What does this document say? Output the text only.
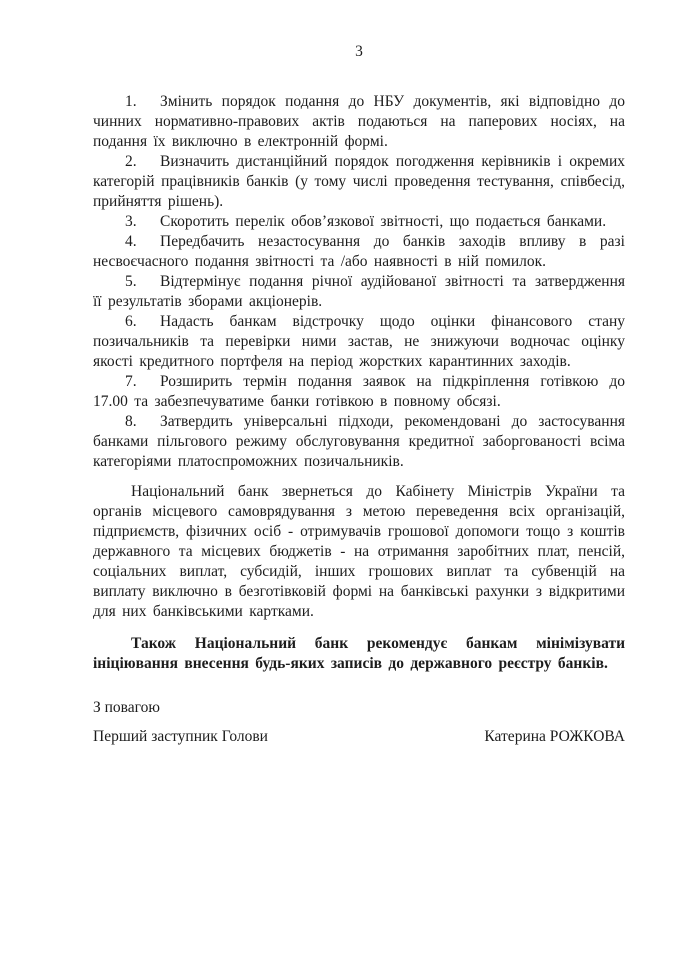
3

1. Змінить порядок подання до НБУ документів, які відповідно до чинних нормативно-правових актів подаються на паперових носіях, на подання їх виключно в електронній формі.

2. Визначить дистанційний порядок погодження керівників і окремих категорій працівників банків (у тому числі проведення тестування, співбесід, прийняття рішень).

3. Скоротить перелік обов’язкової звітності, що подається банками.

4. Передбачить незастосування до банків заходів впливу в разі несвоєчасного подання звітності та /або наявності в ній помилок.

5. Відтермінує подання річної аудійованої звітності та затвердження її результатів зборами акціонерів.

6. Надасть банкам відстрочку щодо оцінки фінансового стану позичальників та перевірки ними застав, не знижуючи водночас оцінку якості кредитного портфеля на період жорстких карантинних заходів.

7. Розширить термін подання заявок на підкріплення готівкою до 17.00 та забезпечуватиме банки готівкою в повному обсязі.

8. Затвердить універсальні підходи, рекомендовані до застосування банками пільгового режиму обслуговування кредитної заборгованості всіма категоріями платоспроможних позичальників.

Національний банк звернеться до Кабінету Міністрів України та органів місцевого самоврядування з метою переведення всіх організацій, підприємств, фізичних осіб - отримувачів грошової допомоги тощо з коштів державного та місцевих бюджетів - на отримання заробітних плат, пенсій, соціальних виплат, субсидій, інших грошових виплат та субвенцій на виплату виключно в безготівковій формі на банківські рахунки з відкритими для них банківськими картками.

Також Національний банк рекомендує банкам мінімізувати ініціювання внесення будь-яких записів до державного реєстру банків.

З повагою

Перший заступник Голови	Катерина РОЖКОВА
